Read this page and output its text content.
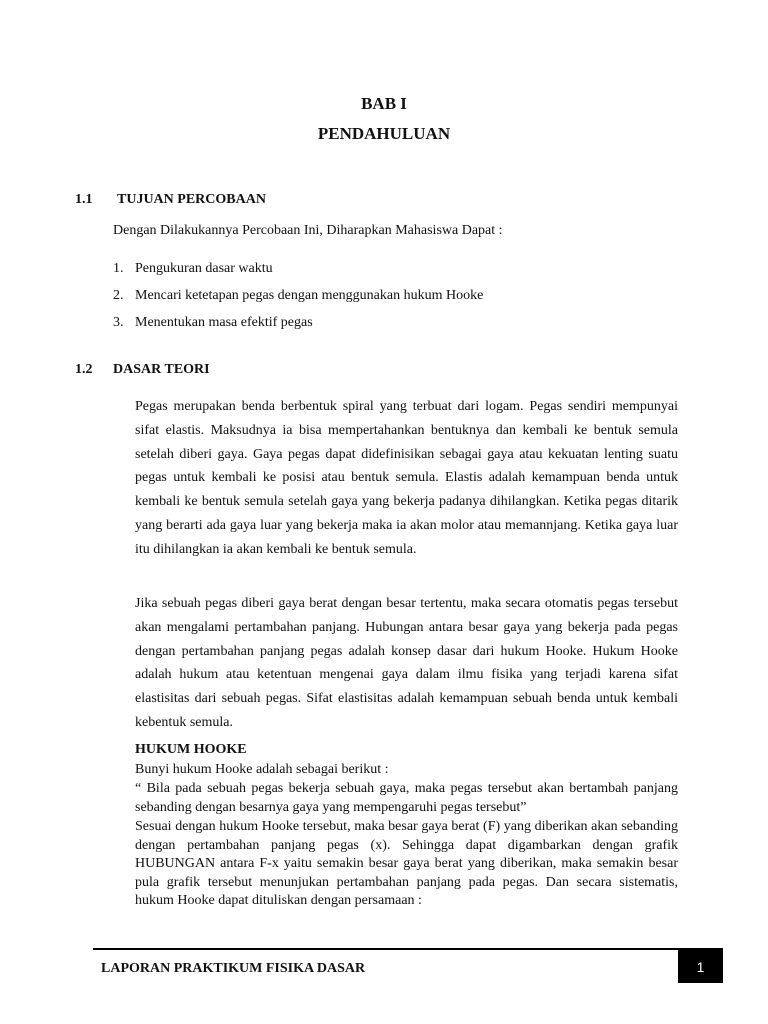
BAB I
PENDAHULUAN
1.1 TUJUAN PERCOBAAN
Dengan Dilakukannya Percobaan Ini, Diharapkan Mahasiswa Dapat :
1. Pengukuran dasar waktu
2. Mencari ketetapan pegas dengan menggunakan hukum Hooke
3. Menentukan masa efektif pegas
1.2 DASAR TEORI
Pegas merupakan benda berbentuk spiral yang terbuat dari logam. Pegas sendiri mempunyai sifat elastis. Maksudnya ia bisa mempertahankan bentuknya dan kembali ke bentuk semula setelah diberi gaya. Gaya pegas dapat didefinisikan sebagai gaya atau kekuatan lenting suatu pegas untuk kembali ke posisi atau bentuk semula. Elastis adalah kemampuan benda untuk kembali ke bentuk semula setelah gaya yang bekerja padanya dihilangkan. Ketika pegas ditarik yang berarti ada gaya luar yang bekerja maka ia akan molor atau memannjang. Ketika gaya luar itu dihilangkan ia akan kembali ke bentuk semula.
Jika sebuah pegas diberi gaya berat dengan besar tertentu, maka secara otomatis pegas tersebut akan mengalami pertambahan panjang. Hubungan antara besar gaya yang bekerja pada pegas dengan pertambahan panjang pegas adalah konsep dasar dari hukum Hooke. Hukum Hooke adalah hukum atau ketentuan mengenai gaya dalam ilmu fisika yang terjadi karena sifat elastisitas dari sebuah pegas. Sifat elastisitas adalah kemampuan sebuah benda untuk kembali kebentuk semula.
HUKUM HOOKE
Bunyi hukum Hooke adalah sebagai berikut :
“ Bila pada sebuah pegas bekerja sebuah gaya, maka pegas tersebut akan bertambah panjang sebanding dengan besarnya gaya yang mempengaruhi pegas tersebut”
Sesuai dengan hukum Hooke tersebut, maka besar gaya berat (F) yang diberikan akan sebanding dengan pertambahan panjang pegas (x). Sehingga dapat digambarkan dengan grafik HUBUNGAN antara F-x yaitu semakin besar gaya berat yang diberikan, maka semakin besar pula grafik tersebut menunjukan pertambahan panjang pada pegas. Dan secara sistematis, hukum Hooke dapat dituliskan dengan persamaan :
LAPORAN PRAKTIKUM FISIKA DASAR	1
